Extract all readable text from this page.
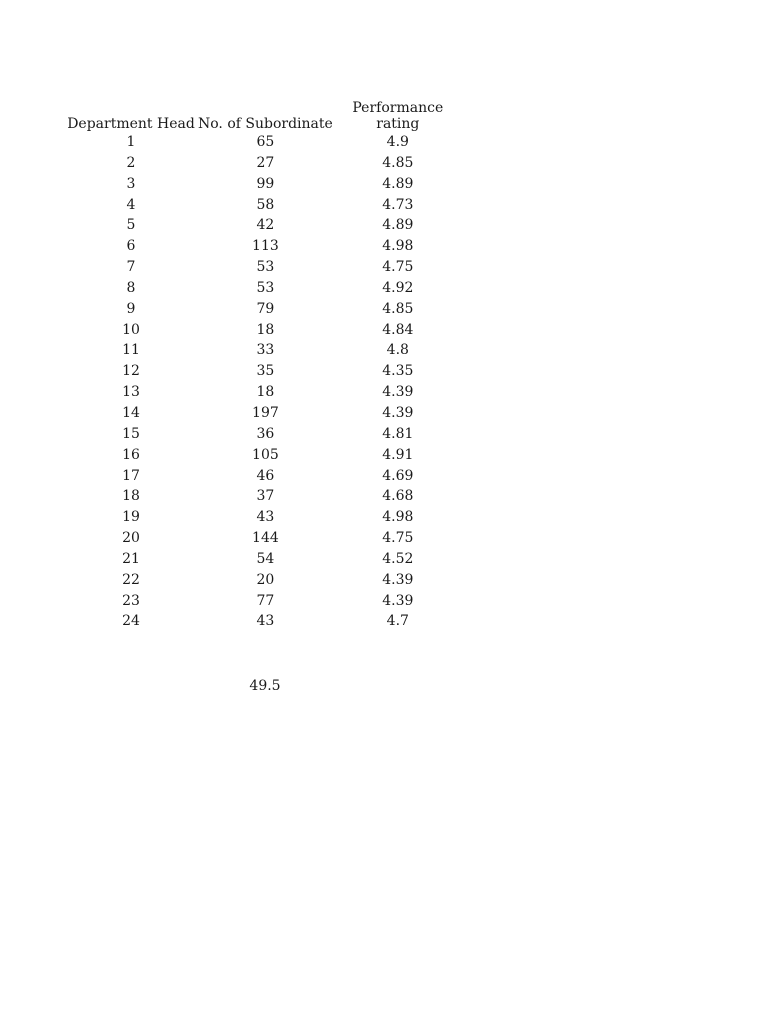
Department Head	No. of Subordinate	Performance rating
1	65	4.9
2	27	4.85
3	99	4.89
4	58	4.73
5	42	4.89
6	113	4.98
7	53	4.75
8	53	4.92
9	79	4.85
10	18	4.84
11	33	4.8
12	35	4.35
13	18	4.39
14	197	4.39
15	36	4.81
16	105	4.91
17	46	4.69
18	37	4.68
19	43	4.98
20	144	4.75
21	54	4.52
22	20	4.39
23	77	4.39
24	43	4.7
49.5
